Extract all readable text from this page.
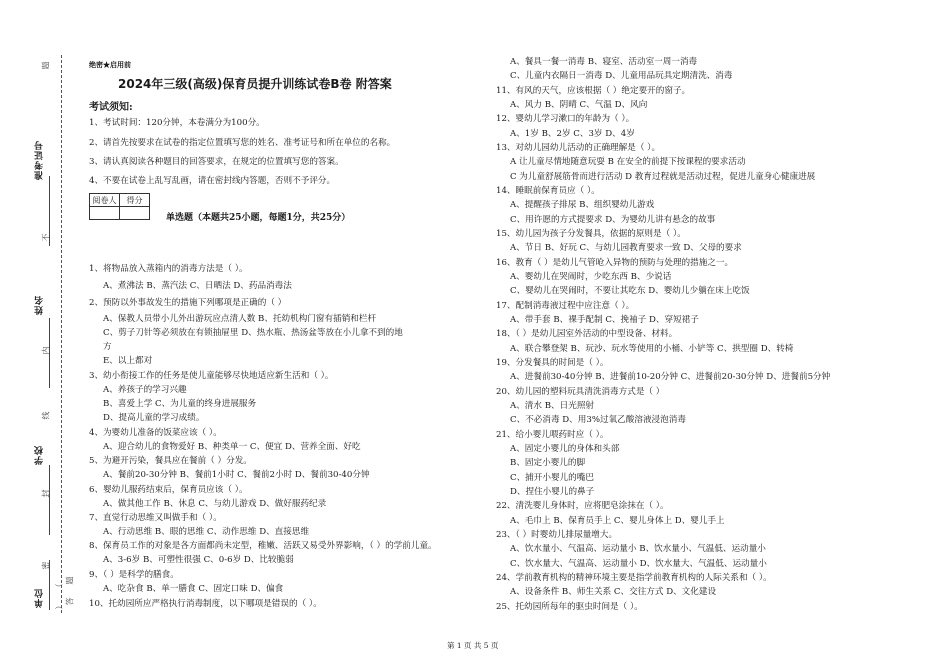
准考证号
姓名
学校
单位
题
不
内
线
封
密
（
）
题
答
绝密★启用前
2024年三级(高级)保育员提升训练试卷B卷 附答案
考试须知:
1、考试时间：120分钟，本卷满分为100分。
2、请首先按要求在试卷的指定位置填写您的姓名、准考证号和所在单位的名称。
3、请认真阅读各种题目的回答要求，在规定的位置填写您的答案。
4、不要在试卷上乱写乱画，请在密封线内答题，否则不予评分。
阅卷人	得分

单选题（本题共25小题，每题1分，共25分）
1、将物品放入蒸箱内的消毒方法是（ ）。
A、煮沸法 B、蒸汽法 C、日晒法 D、药品消毒法
2、预防以外事故发生的措施下列哪项是正确的（ ）
A、保教人员带小儿外出游玩应点清人数 B、托幼机构门窗有插销和栏杆
C、剪子刀针等必须放在有锁抽屉里 D、热水瓶、热汤盆等放在小儿拿不到的地
方
E、以上都对
3、幼小衔接工作的任务是使儿童能够尽快地适应新生活和（ ）。
A、养孩子的学习兴趣
B、喜爱上学 C、为儿童的终身进展服务
D、提高儿童的学习成绩。
4、为婴幼儿准备的饭菜应该（ ）。
A、迎合幼儿的食物爱好 B、种类单一 C、便宜 D、营养全面、好吃
5、为避开污染，餐具应在餐前（ ）分发。
A、餐前20-30分钟 B、餐前1小时 C、餐前2小时 D、餐前30-40分钟
6、婴幼儿服药结束后，保育员应该（ ）。
A、做其他工作 B、休息 C、与幼儿游戏 D、做好服药纪录
7、直觉行动思维又叫做手和（ ）。
A、行动思维 B、眼的思维 C、动作思维 D、直接思维
8、保育员工作的对象是各方面都尚未定型，稚嫩、活跃又易受外界影响，（ ）的学前儿童。
A、3-6岁 B、可塑性很强 C、0-6岁 D、比较脆弱
9、（ ）是科学的膳食。
A、吃杂食 B、单一膳食 C、固定口味 D、偏食
10、托幼园所应严格执行消毒制度，以下哪项是错误的（ ）。
A、餐具一餐一消毒 B、寝室、活动室一周一消毒
C、儿童内衣隔日一消毒 D、儿童用品玩具定期清洗、消毒
11、有风的天气，应该根据（ ）绝定要开的窗子。
A、风力 B、阴晴 C、气温 D、风向
12、婴幼儿学习漱口的年龄为（ ）。
A、1岁 B、2岁 C、3岁 D、4岁
13、对幼儿园幼儿活动的正确理解是（ ）。
A 让儿童尽情地随意玩耍 B 在安全的前提下按课程的要求活动
C 为儿童舒展筋骨而进行活动 D 教育过程就是活动过程，促进儿童身心健康进展
14、睡眠前保育员应（ ）。
A、提醒孩子排尿 B、组织婴幼儿游戏
C、用许愿的方式提要求 D、为婴幼儿讲有悬念的故事
15、幼儿园为孩子分发餐具，依据的原则是（ ）。
A、节日 B、好玩 C、与幼儿园教育要求一致 D、父母的要求
16、教育（ ）是幼儿气管呛入异物的预防与处理的措施之一。
A、婴幼儿在哭闹时，少吃东西 B、少说话
C、婴幼儿在哭闹时，不要让其吃东 D、婴幼儿少躺在床上吃饭
17、配制消毒液过程中应注意（ ）。
A、带手套 B、裸手配制 C、挽袖子 D、穿短裙子
18、（ ）是幼儿园室外活动的中型设备、材料。
A、联合攀登架 B、玩沙、玩水等使用的小桶、小铲等 C、拱型圈 D、转椅
19、分发餐具的时间是（ ）。
A、进餐前30-40分钟 B、进餐前10-20分钟 C、进餐前20-30分钟 D、进餐前5分钟
20、幼儿园的塑料玩具清洗消毒方式是（ ）
A、清水 B、日光照射
C、不必消毒 D、用3%过氧乙酸溶液浸泡消毒
21、给小婴儿喂药时应（ ）。
A、固定小婴儿的身体和头部
B、固定小婴儿的脚
C、捕开小婴儿的嘴巴
D、捏住小婴儿的鼻子
22、清洗婴儿身体时，应将肥皂涂抹在（ ）。
A、毛巾上 B、保育员手上 C、婴儿身体上 D、婴儿手上
23、（ ）时婴幼儿排尿量增大。
A、饮水量小、气温高、运动量小 B、饮水量小、气温低、运动量小
C、饮水量大、气温高、运动量小 D、饮水量大、气温低、运动量小
24、学前教育机构的精神环境主要是指学前教育机构的人际关系和（ ）。
A、设备条件 B、师生关系 C、交往方式 D、文化建设
25、托幼园所每年的驱虫时间是（ ）。
第 1 页 共 5 页
